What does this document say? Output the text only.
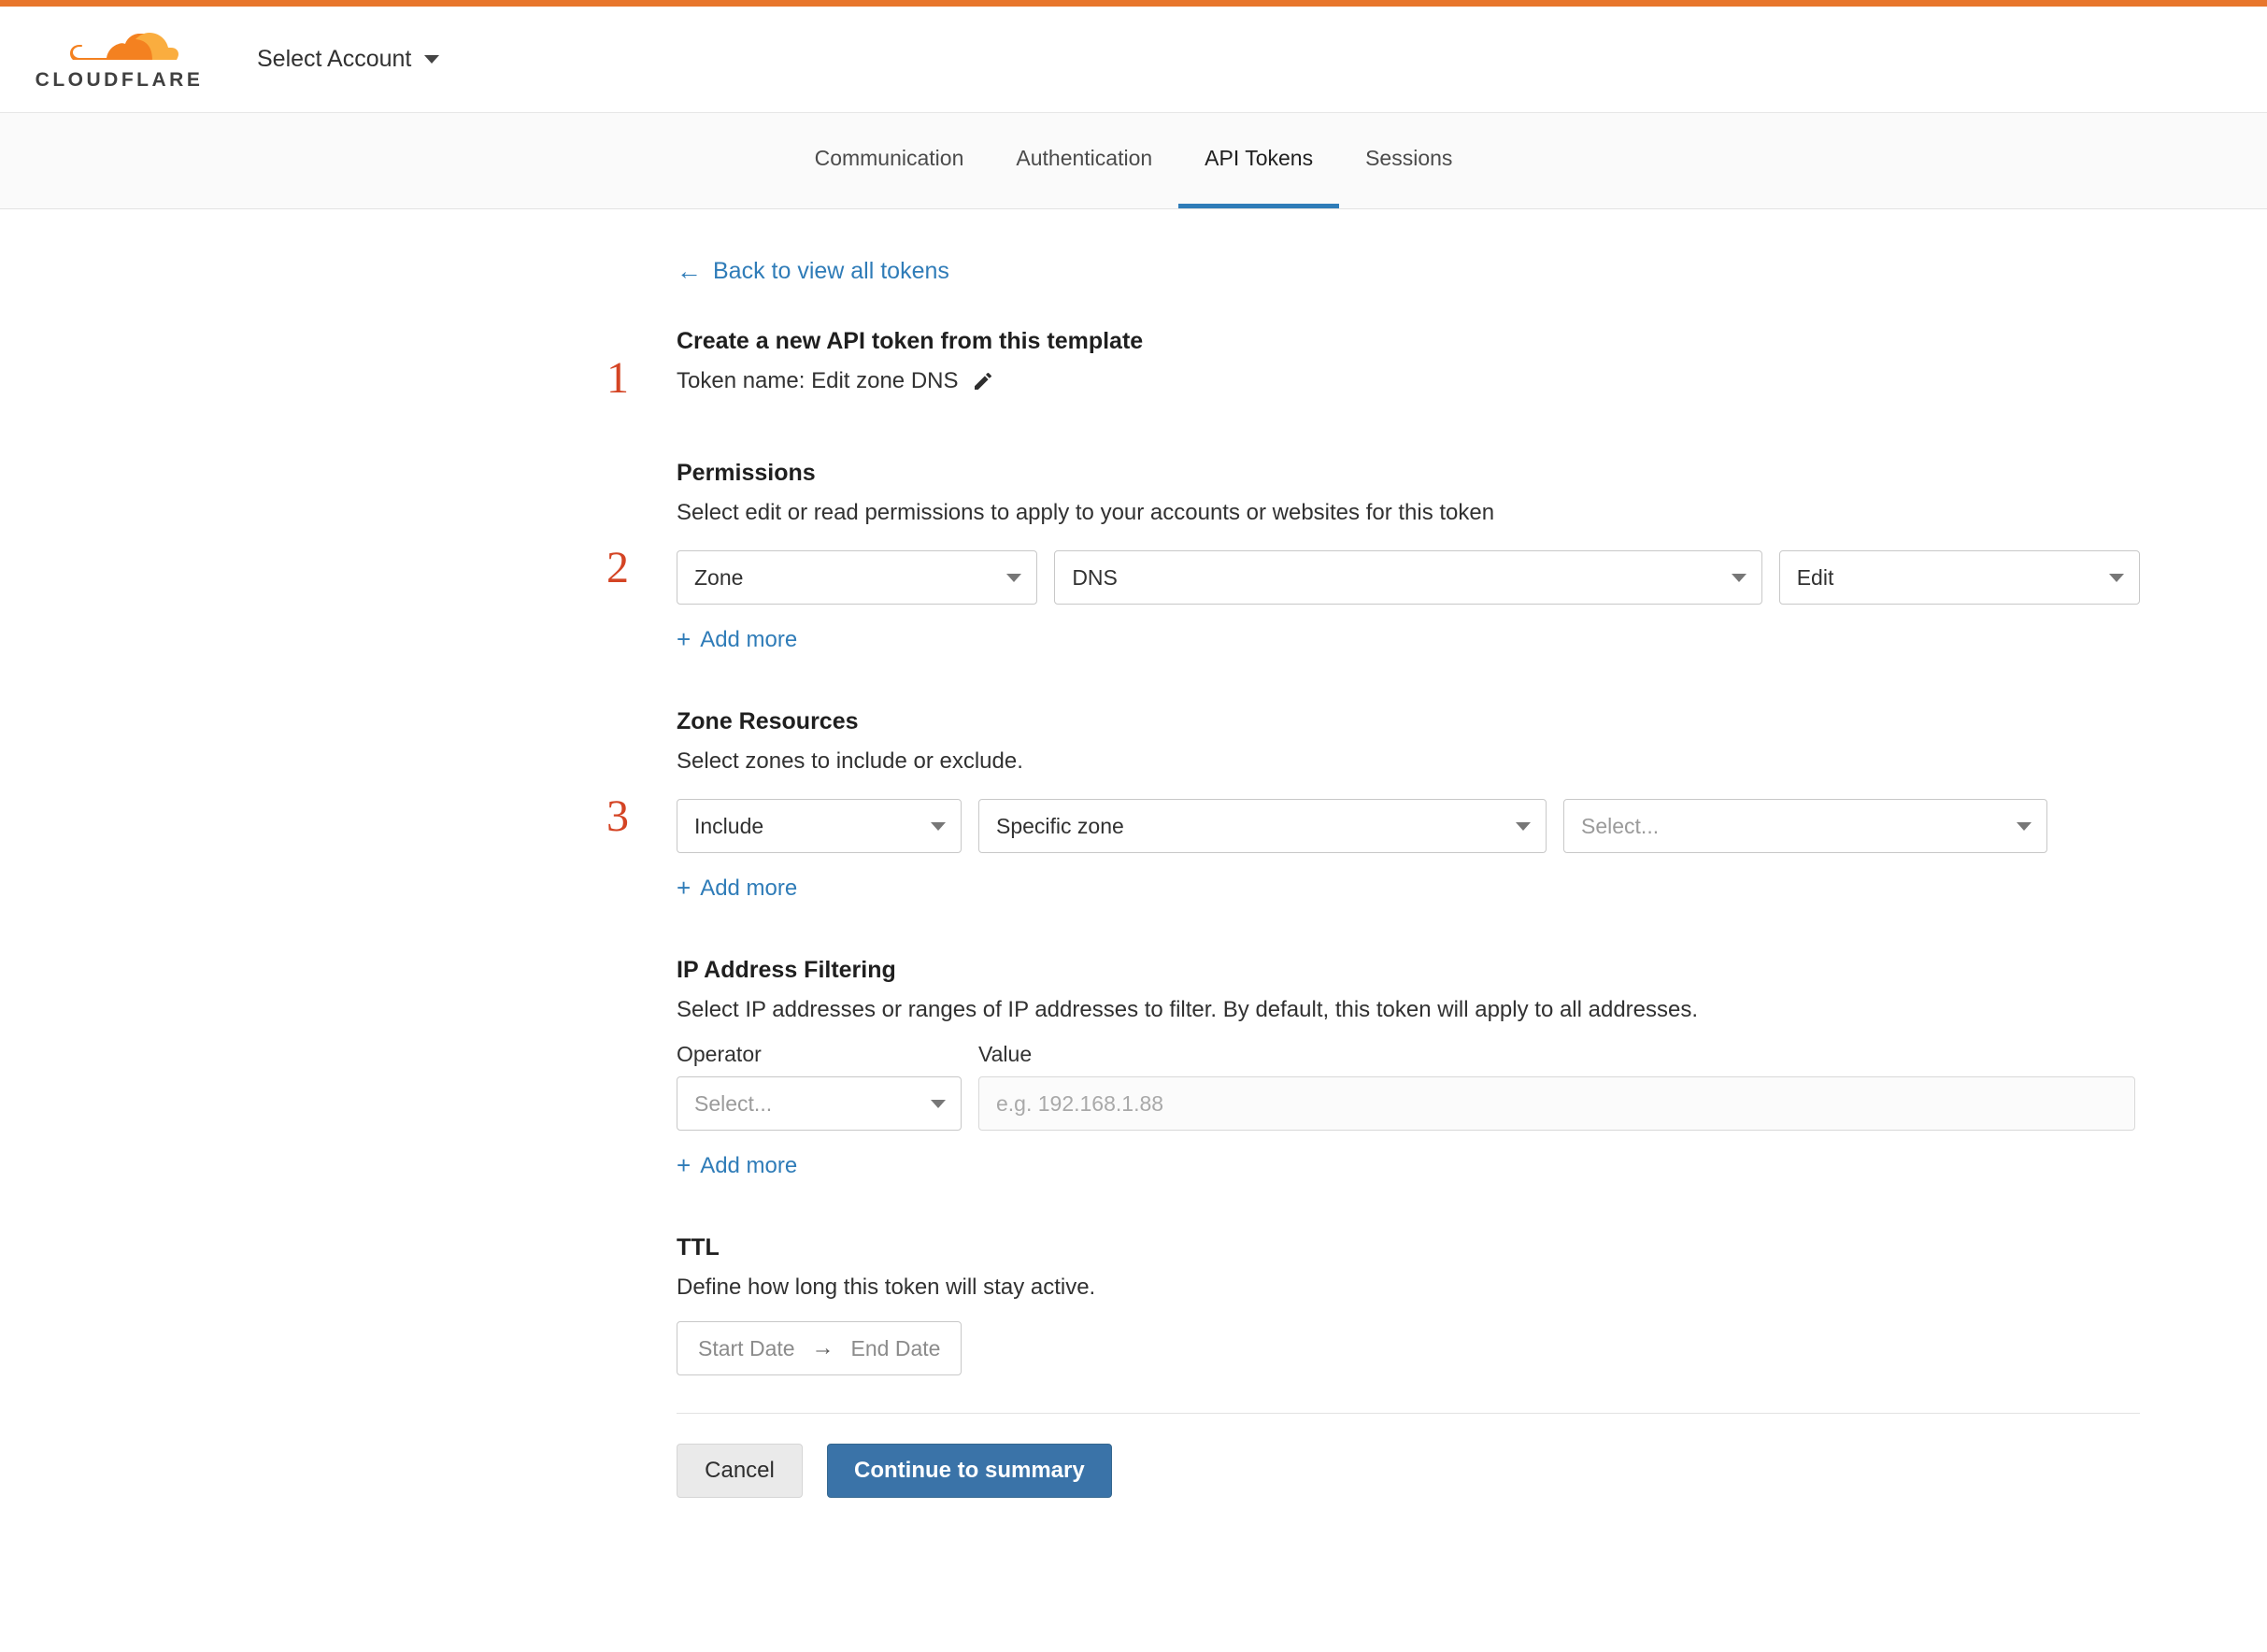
CLOUDFLARE
Select Account
Communication Authentication API Tokens Sessions
← Back to view all tokens
1
Create a new API token from this template
Token name: Edit zone DNS
2
Permissions

Select edit or read permissions to apply to your accounts or websites for this token

Zone	DNS	Edit
+ Add more
3
Zone Resources

Select zones to include or exclude.

Include	Specific zone	Select...
+ Add more
IP Address Filtering

Select IP addresses or ranges of IP addresses to filter. By default, this token will apply to all addresses.

Operator
Select...
Value
e.g. 192.168.1.88
+ Add more
TTL

Define how long this token will stay active.

Start Date → End Date
Cancel	Continue to summary
